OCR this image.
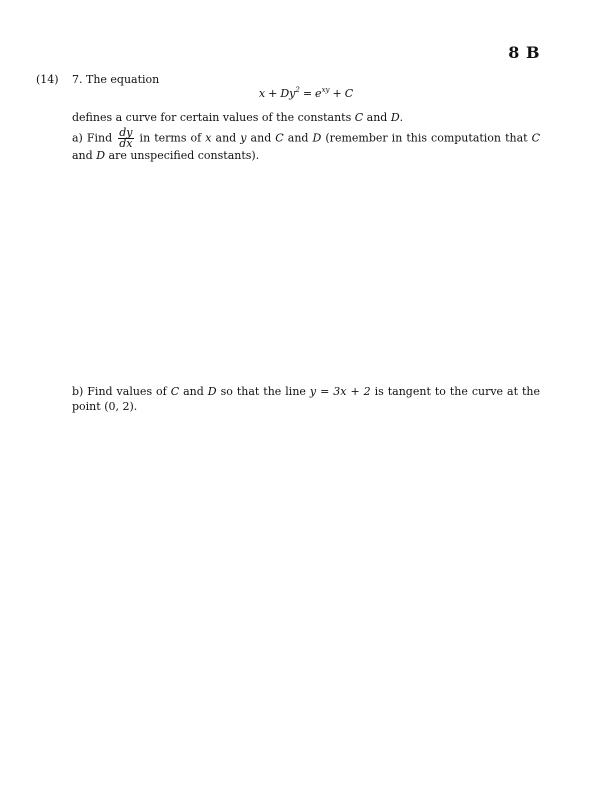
8 B
(14) 7. The equation
$x + Dy^2 = e^{xy} + C$
defines a curve for certain values of the constants C and D.
a) Find $\frac{dy}{dx}$ in terms of x and y and C and D (remember in this computation that C and D are unspecified constants).
b) Find values of C and D so that the line y = 3x + 2 is tangent to the curve at the point (0, 2).
